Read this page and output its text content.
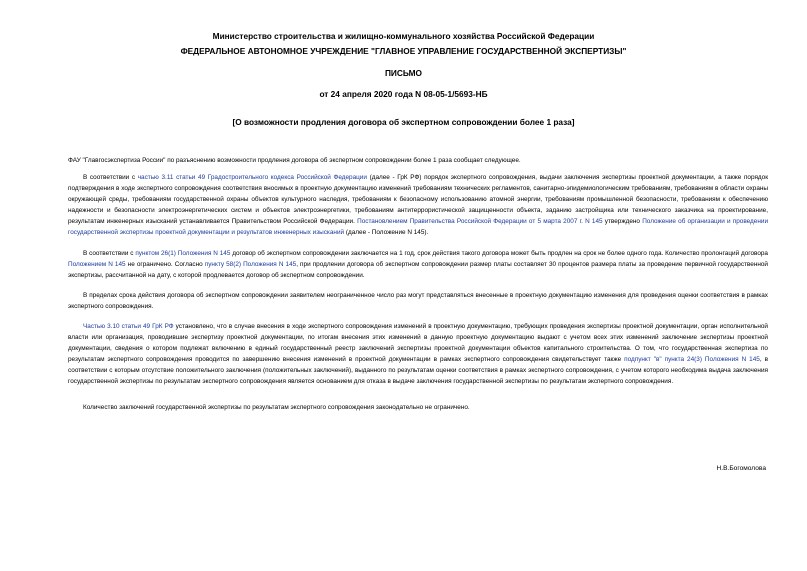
Министерство строительства и жилищно-коммунального хозяйства Российской Федерации
ФЕДЕРАЛЬНОЕ АВТОНОМНОЕ УЧРЕЖДЕНИЕ "ГЛАВНОЕ УПРАВЛЕНИЕ ГОСУДАРСТВЕННОЙ ЭКСПЕРТИЗЫ"
ПИСЬМО
от 24 апреля 2020 года N 08-05-1/5693-НБ
[О возможности продления договора об экспертном сопровождении более 1 раза]
ФАУ "Главгосэкспертиза России" по разъяснению возможности продления договора об экспертном сопровождении более 1 раза сообщает следующее.
В соответствии с частью 3.11 статьи 49 Градостроительного кодекса Российской Федерации (далее - ГрК РФ) порядок экспертного сопровождения, выдачи заключения экспертизы проектной документации, а также порядок подтверждения в ходе экспертного сопровождения соответствия вносимых в проектную документацию изменений требованиям технических регламентов, санитарно-эпидемиологическим требованиям, требованиям в области охраны окружающей среды, требованиям государственной охраны объектов культурного наследия, требованиям к безопасному использованию атомной энергии, требованиям промышленной безопасности, требованиям к обеспечению надежности и безопасности электроэнергетических систем и объектов электроэнергетики, требованиям антитеррористической защищенности объекта, заданию застройщика или технического заказчика на проектирование, результатам инженерных изысканий устанавливается Правительством Российской Федерации. Постановлением Правительства Российской Федерации от 5 марта 2007 г. N 145 утверждено Положение об организации и проведении государственной экспертизы проектной документации и результатов инженерных изысканий (далее - Положение N 145).
В соответствии с пунктом 26(1) Положения N 145 договор об экспертном сопровождении заключается на 1 год, срок действия такого договора может быть продлен на срок не более одного года. Количество пролонгаций договора Положением N 145 не ограничено. Согласно пункту 58(2) Положения N 145, при продлении договора об экспертном сопровождении размер платы составляет 30 процентов размера платы за проведение первичной государственной экспертизы, рассчитанной на дату, с которой продлевается договор об экспертном сопровождении.
В пределах срока действия договора об экспертном сопровождении заявителем неограниченное число раз могут представляться внесенные в проектную документацию изменения для проведения оценки соответствия в рамках экспертного сопровождения.
Частью 3.10 статьи 49 ГрК РФ установлено, что в случае внесения в ходе экспертного сопровождения изменений в проектную документацию, требующих проведения экспертизы проектной документации, орган исполнительной власти или организация, проводившие экспертизу проектной документации, по итогам внесения этих изменений в данную проектную документацию выдают с учетом всех этих изменений заключение экспертизы проектной документации, сведения о котором подлежат включению в единый государственный реестр заключений экспертизы проектной документации объектов капитального строительства. О том, что государственная экспертиза по результатам экспертного сопровождения проводится по завершению внесения изменений в проектной документации в рамках экспертного сопровождения свидетельствует также подпункт "в" пункта 24(3) Положения N 145, в соответствии с которым отсутствие положительного заключения (положительных заключений), выданного по результатам оценки соответствия в рамках экспертного сопровождения, с учетом которого необходима выдача заключения государственной экспертизы по результатам экспертного сопровождения является основанием для отказа в выдаче заключения государственной экспертизы по результатам экспертного сопровождения.
Количество заключений государственной экспертизы по результатам экспертного сопровождения законодательно не ограничено.
Н.В.Богомолова
